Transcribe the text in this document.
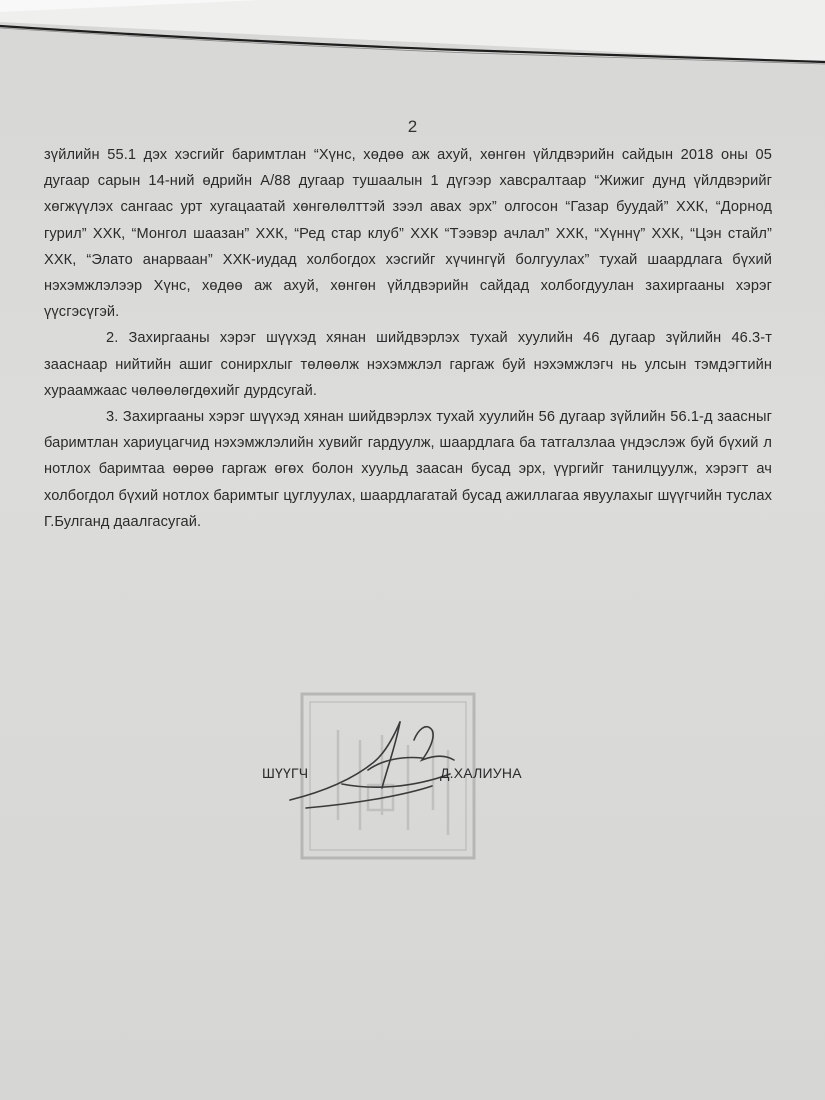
2

зүйлийн 55.1 дэх хэсгийг баримтлан “Хүнс, хөдөө аж ахуй, хөнгөн үйлдвэрийн сайдын 2018 оны 05 дугаар сарын 14-ний өдрийн А/88 дугаар тушаалын 1 дүгээр хавсралтаар “Жижиг дунд үйлдвэрийг хөгжүүлэх сангаас урт хугацаатай хөнгөлөлттэй зээл авах эрх” олгосон “Газар буудай” ХХК, “Дорнод гурил” ХХК, “Монгол шаазан” ХХК, “Ред стар клуб” ХХК “Тээвэр ачлал” ХХК, “Хүннү” ХХК, “Цэн стайл” ХХК, “Элато анарваан” ХХК-иудад холбогдох хэсгийг хүчингүй болгуулах” тухай шаардлага бүхий нэхэмжлэлээр Хүнс, хөдөө аж ахуй, хөнгөн үйлдвэрийн сайдад холбогдуулан захиргааны хэрэг үүсгэсүгэй.

2. Захиргааны хэрэг шүүхэд хянан шийдвэрлэх тухай хуулийн 46 дугаар зүйлийн 46.3-т зааснаар нийтийн ашиг сонирхлыг төлөөлж нэхэмжлэл гаргаж буй нэхэмжлэгч нь улсын тэмдэгтийн хураамжаас чөлөөлөгдөхийг дурдсугай.

3. Захиргааны хэрэг шүүхэд хянан шийдвэрлэх тухай хуулийн 56 дугаар зүйлийн 56.1-д заасныг баримтлан хариуцагчид нэхэмжлэлийн хувийг гардуулж, шаардлага ба татгалзлаа үндэслэж буй бүхий л нотлох баримтаа өөрөө гаргаж өгөх болон хуульд заасан бусад эрх, үүргийг танилцуулж, хэрэгт ач холбогдол бүхий нотлох баримтыг цуглуулах, шаардлагатай бусад ажиллагаа явуулахыг шүүгчийн туслах Г.Булганд даалгасугай.

ШҮҮГЧ	Д.ХАЛИУНА
